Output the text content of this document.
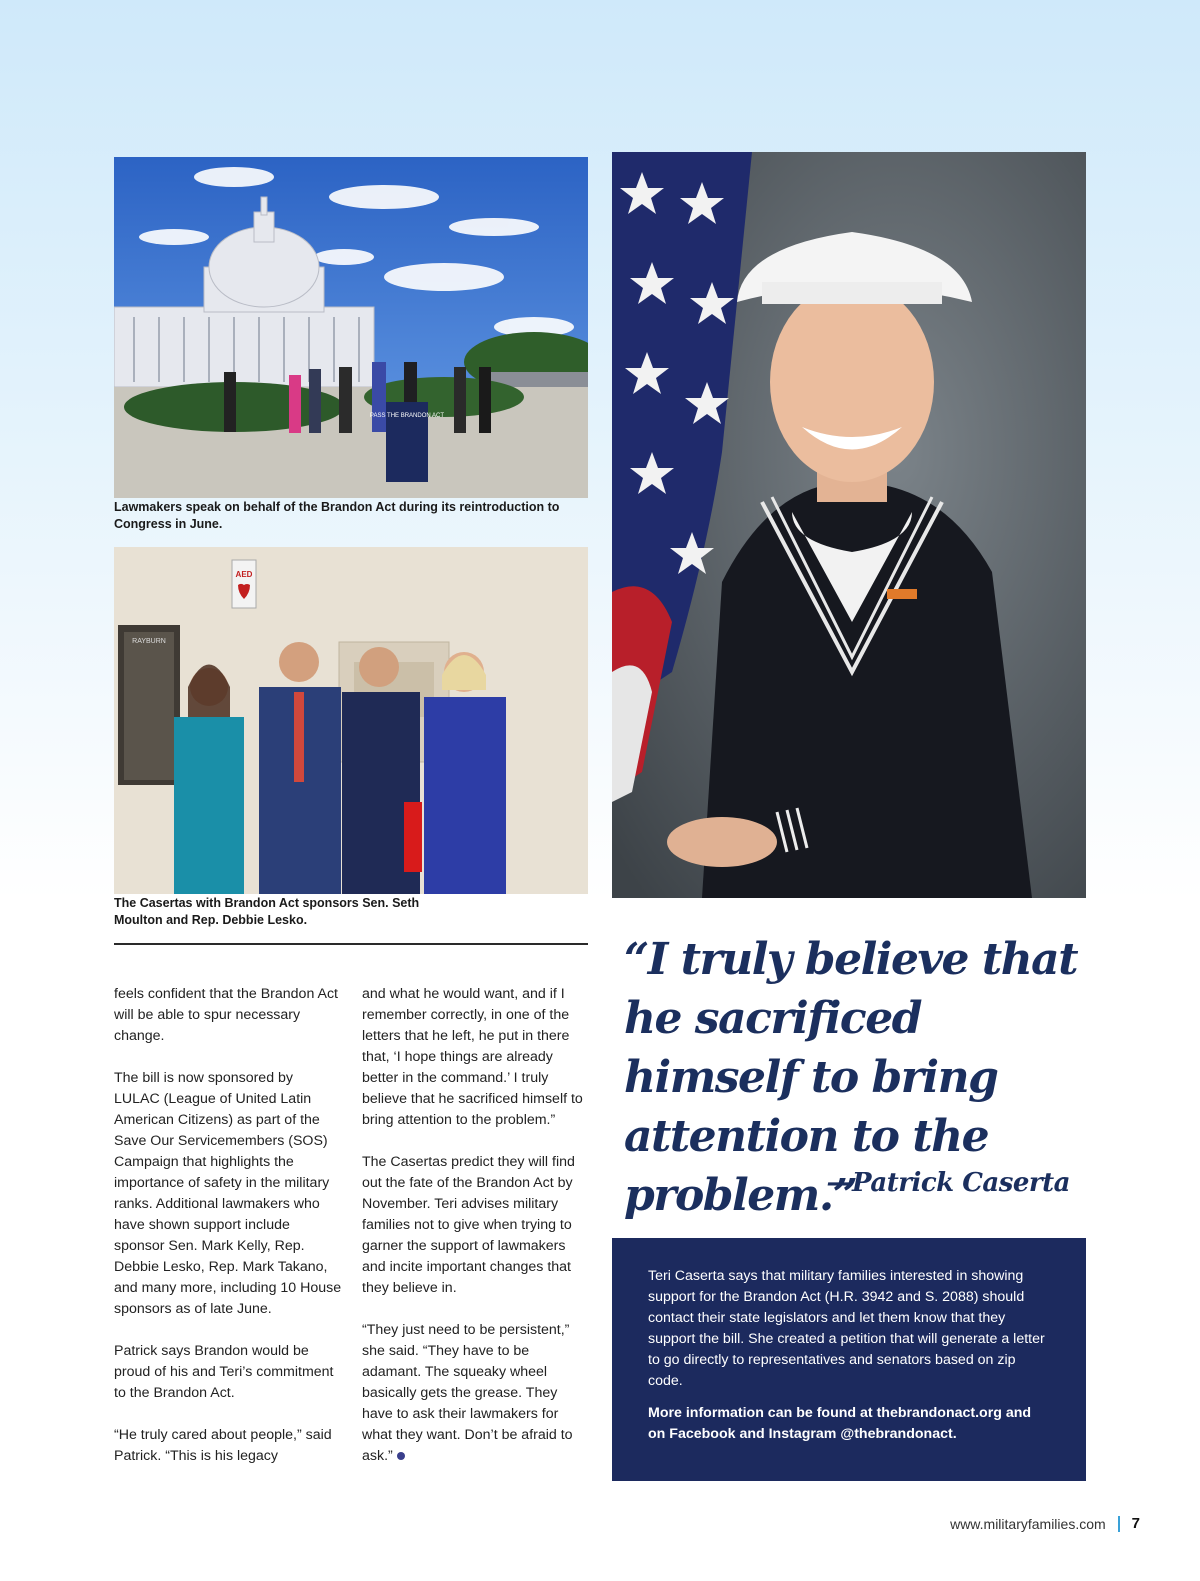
PASS THE BRANDON ACT
Lawmakers speak on behalf of the Brandon Act during its reintroduction to Congress in June.
RAYBURN
AED
The Casertas with Brandon Act sponsors Sen. Seth Moulton and Rep. Debbie Lesko.

feels confident that the Brandon Act will be able to spur necessary change.

The bill is now sponsored by LULAC (League of United Latin American Citizens) as part of the Save Our Servicemembers (SOS) Campaign that highlights the importance of safety in the military ranks. Additional lawmakers who have shown support include sponsor Sen. Mark Kelly, Rep. Debbie Lesko, Rep. Mark Takano, and many more, including 10 House sponsors as of late June.

Patrick says Brandon would be proud of his and Teri’s commitment to the Brandon Act.

“He truly cared about people,” said Patrick. “This is his legacy

and what he would want, and if I remember correctly, in one of the letters that he left, he put in there that, ‘I hope things are already better in the command.’ I truly believe that he sacrificed himself to bring attention to the problem.”

The Casertas predict they will find out the fate of the Brandon Act by November. Teri advises military families not to give when trying to garner the support of lawmakers and incite important changes that they believe in.

“They just need to be persistent,” she said. “They have to be adamant. The squeaky wheel basically gets the grease. They have to ask their lawmakers for what they want. Don’t be afraid to ask.”

“I truly believe that he sacrificed himself to bring attention to the problem.”
—Patrick Caserta

Teri Caserta says that military families interested in showing support for the Brandon Act (H.R. 3942 and S. 2088) should contact their state legislators and let them know that they support the bill. She created a petition that will generate a letter to go directly to representatives and senators based on zip code.

More information can be found at thebrandonact.org and on Facebook and Instagram @thebrandonact.

www.militaryfamilies.com 7
